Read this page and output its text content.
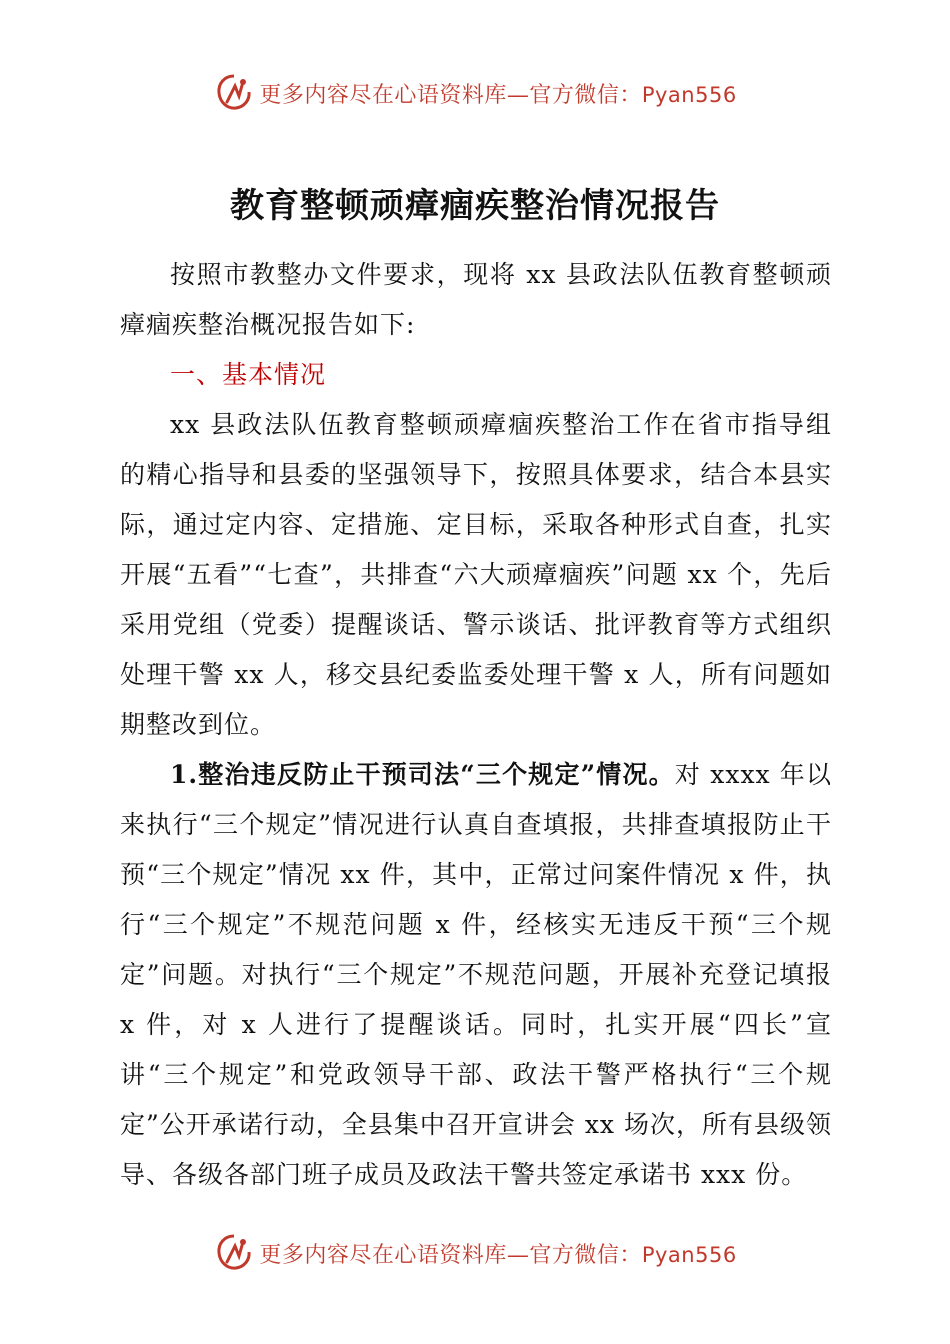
更多内容尽在心语资料库—官方微信：Pyan556
教育整顿顽瘴痼疾整治情况报告

按照市教整办文件要求，现将 xx 县政法队伍教育整顿顽瘴痼疾整治概况报告如下:

一、基本情况

xx 县政法队伍教育整顿顽瘴痼疾整治工作在省市指导组的精心指导和县委的坚强领导下，按照具体要求，结合本县实际，通过定内容、定措施、定目标，采取各种形式自查，扎实开展“五看”“七查”，共排查“六大顽瘴痼疾”问题 xx 个，先后采用党组（党委）提醒谈话、警示谈话、批评教育等方式组织处理干警 xx 人，移交县纪委监委处理干警 x 人，所有问题如期整改到位。

1.整治违反防止干预司法“三个规定”情况。对 xxxx 年以来执行“三个规定”情况进行认真自查填报，共排查填报防止干预“三个规定”情况 xx 件，其中，正常过问案件情况 x 件，执行“三个规定”不规范问题 x 件，经核实无违反干预“三个规定”问题。对执行“三个规定”不规范问题，开展补充登记填报 x 件，对 x 人进行了提醒谈话。同时，扎实开展“四长”宣讲“三个规定”和党政领导干部、政法干警严格执行“三个规定”公开承诺行动，全县集中召开宣讲会 xx 场次，所有县级领导、各级各部门班子成员及政法干警共签定承诺书 xxx 份。

更多内容尽在心语资料库—官方微信：Pyan556
